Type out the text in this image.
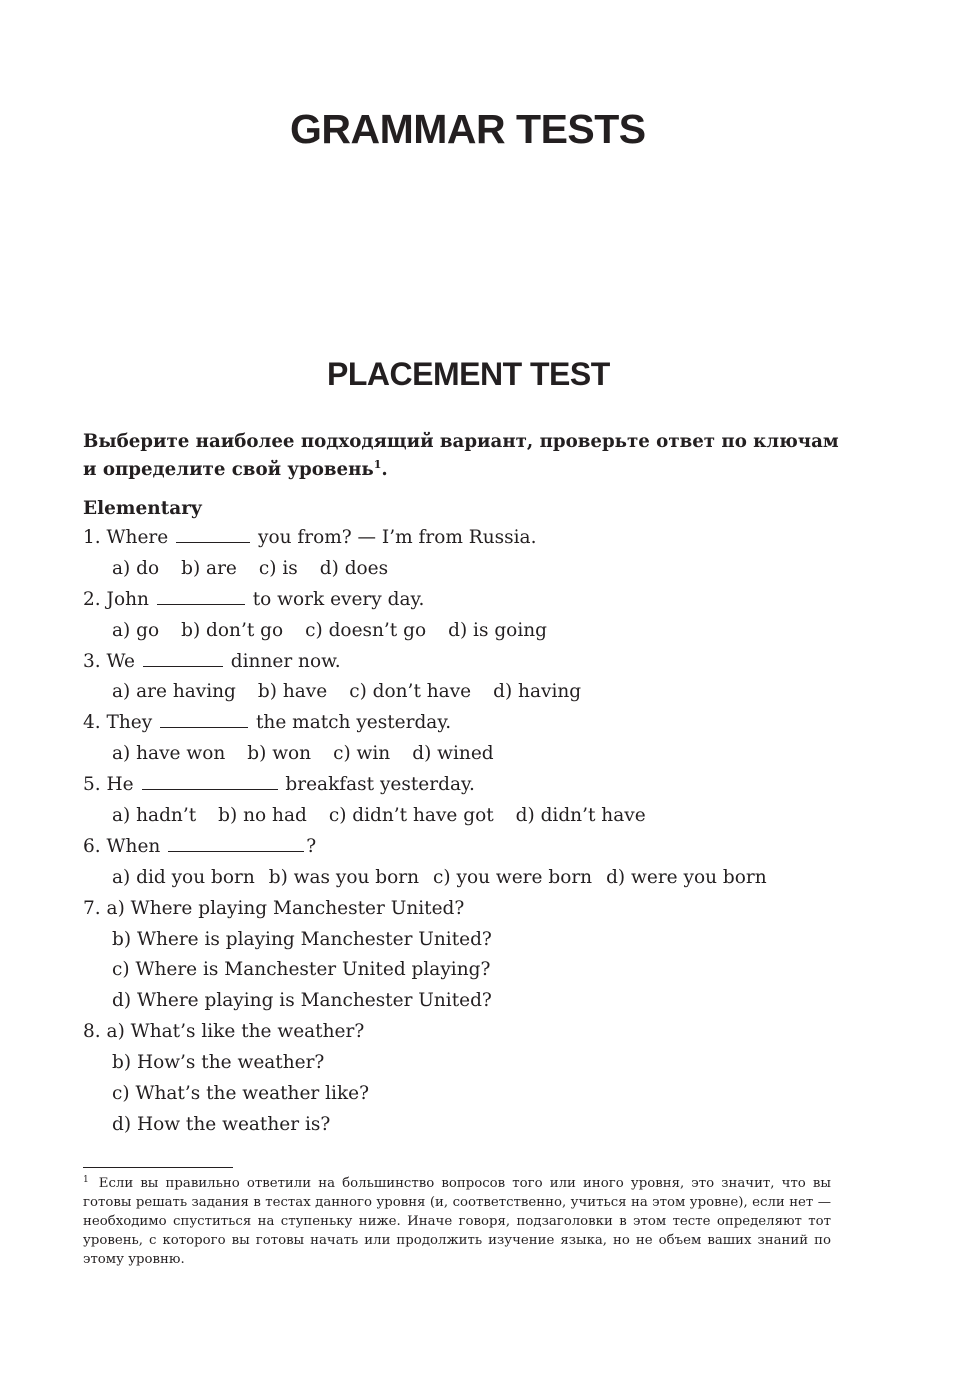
GRAMMAR TESTS
PLACEMENT TEST

Выберите наиболее подходящий вариант, проверьте ответ по ключам и определите свой уровень$^1$.

Elementary
1. Where	you from? — I’m from Russia.
a) do b) are c) is d) does
2. John	to work every day.
a) go b) don’t go c) doesn’t go d) is going
3. We	dinner now.
a) are having b) have c) don’t have d) having
4. They	the match yesterday.
a) have won b) won c) win d) wined
5. He	breakfast yesterday.
a) hadn’t b) no had c) didn’t have got d) didn’t have
6. When	?
a) did you born b) was you born c) you were born d) were you born
7. a) Where playing Manchester United?
b) Where is playing Manchester United?
c) Where is Manchester United playing?
d) Where playing is Manchester United?
8. a) What’s like the weather?
b) How’s the weather?
c) What’s the weather like?
d) How the weather is?

$^1$ Если вы правильно ответили на большинство вопросов того или иного уровня, это значит, что вы готовы решать задания в тестах данного уровня (и, соответственно, учиться на этом уровне), если нет — необходимо спуститься на ступеньку ниже. Иначе говоря, подзаголовки в этом тесте определяют тот уровень, с которого вы готовы начать или продолжить изучение языка, но не объем ваших знаний по этому уровню.
